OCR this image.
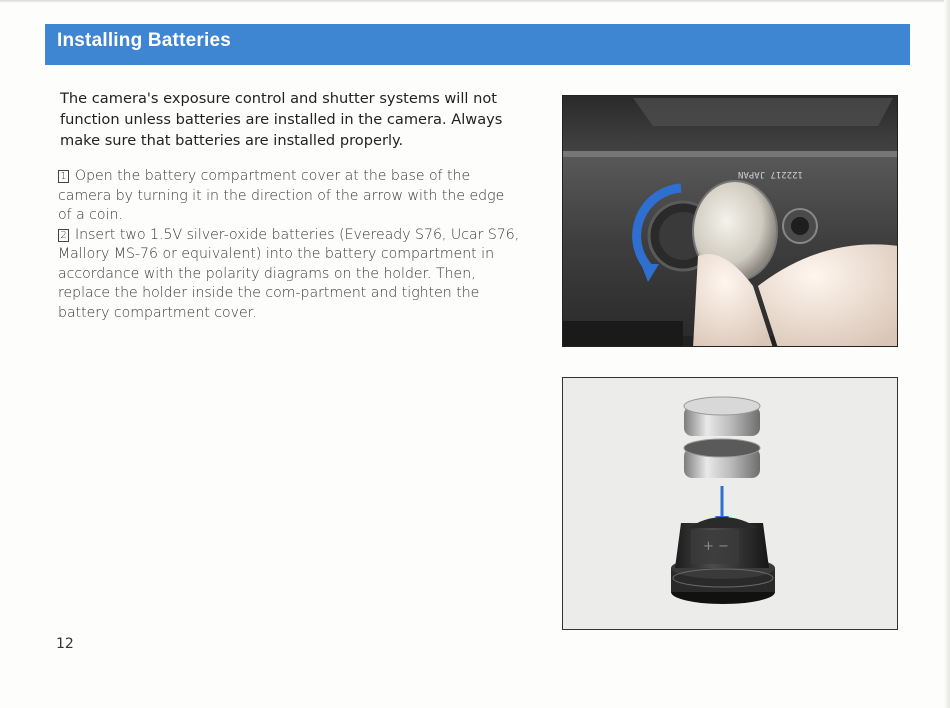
Installing Batteries
The camera's exposure control and shutter systems will not function unless batteries are installed in the camera. Always make sure that batteries are installed properly.

1 Open the battery compartment cover at the base of the camera by turning it in the direction of the arrow with the edge of a coin.

2 Insert two 1.5V silver-oxide batteries (Eveready S76, Ucar S76, Mallory MS-76 or equivalent) into the battery compartment in accordance with the polarity diagrams on the holder. Then, replace the holder inside the com-partment and tighten the battery compartment cover.

12
122217 JAPAN
+ −
